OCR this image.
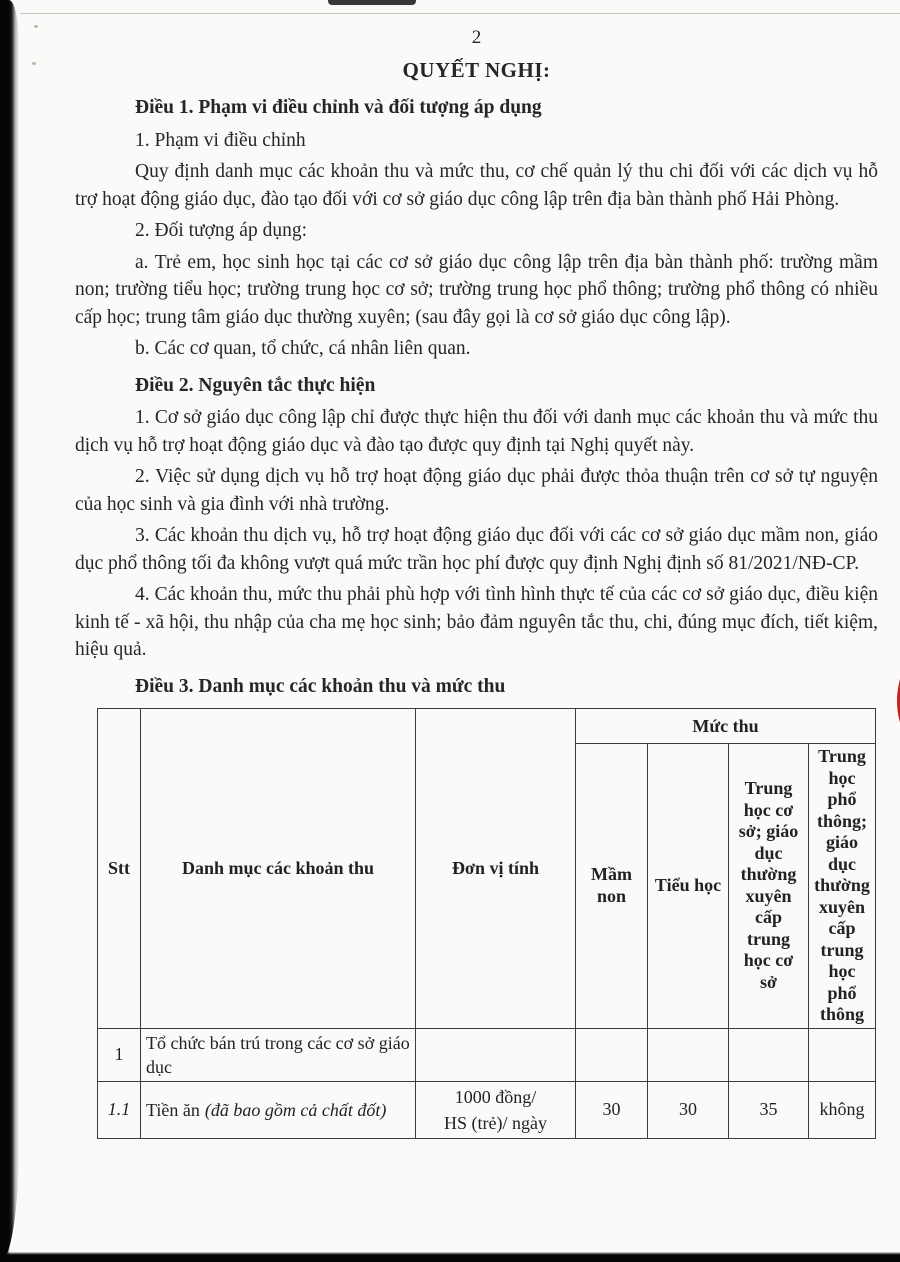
2
QUYẾT NGHỊ:

Điều 1. Phạm vi điều chỉnh và đối tượng áp dụng

1. Phạm vi điều chỉnh

Quy định danh mục các khoản thu và mức thu, cơ chế quản lý thu chi đối với các dịch vụ hỗ trợ hoạt động giáo dục, đào tạo đối với cơ sở giáo dục công lập trên địa bàn thành phố Hải Phòng.

2. Đối tượng áp dụng:

a. Trẻ em, học sinh học tại các cơ sở giáo dục công lập trên địa bàn thành phố: trường mầm non; trường tiểu học; trường trung học cơ sở; trường trung học phổ thông; trường phổ thông có nhiều cấp học; trung tâm giáo dục thường xuyên; (sau đây gọi là cơ sở giáo dục công lập).

b. Các cơ quan, tổ chức, cá nhân liên quan.

Điều 2. Nguyên tắc thực hiện

1. Cơ sở giáo dục công lập chỉ được thực hiện thu đối với danh mục các khoản thu và mức thu dịch vụ hỗ trợ hoạt động giáo dục và đào tạo được quy định tại Nghị quyết này.

2. Việc sử dụng dịch vụ hỗ trợ hoạt động giáo dục phải được thỏa thuận trên cơ sở tự nguyện của học sinh và gia đình với nhà trường.

3. Các khoản thu dịch vụ, hỗ trợ hoạt động giáo dục đối với các cơ sở giáo dục mầm non, giáo dục phổ thông tối đa không vượt quá mức trần học phí được quy định Nghị định số 81/2021/NĐ-CP.

4. Các khoản thu, mức thu phải phù hợp với tình hình thực tế của các cơ sở giáo dục, điều kiện kinh tế - xã hội, thu nhập của cha mẹ học sinh; bảo đảm nguyên tắc thu, chi, đúng mục đích, tiết kiệm, hiệu quả.

Điều 3. Danh mục các khoản thu và mức thu

Stt	Danh mục các khoản thu	Đơn vị tính	Mức thu			
			Mầm non	Tiểu học	Trung học cơ sở; giáo dục thường xuyên cấp trung học cơ sở	Trung học phổ thông; giáo dục thường xuyên cấp trung học phổ thông
1	Tổ chức bán trú trong các cơ sở giáo dục					
1.1	Tiền ăn (đã bao gồm cả chất đốt)	1000 đồng/
HS (trẻ)/ ngày	30	30	35	không
